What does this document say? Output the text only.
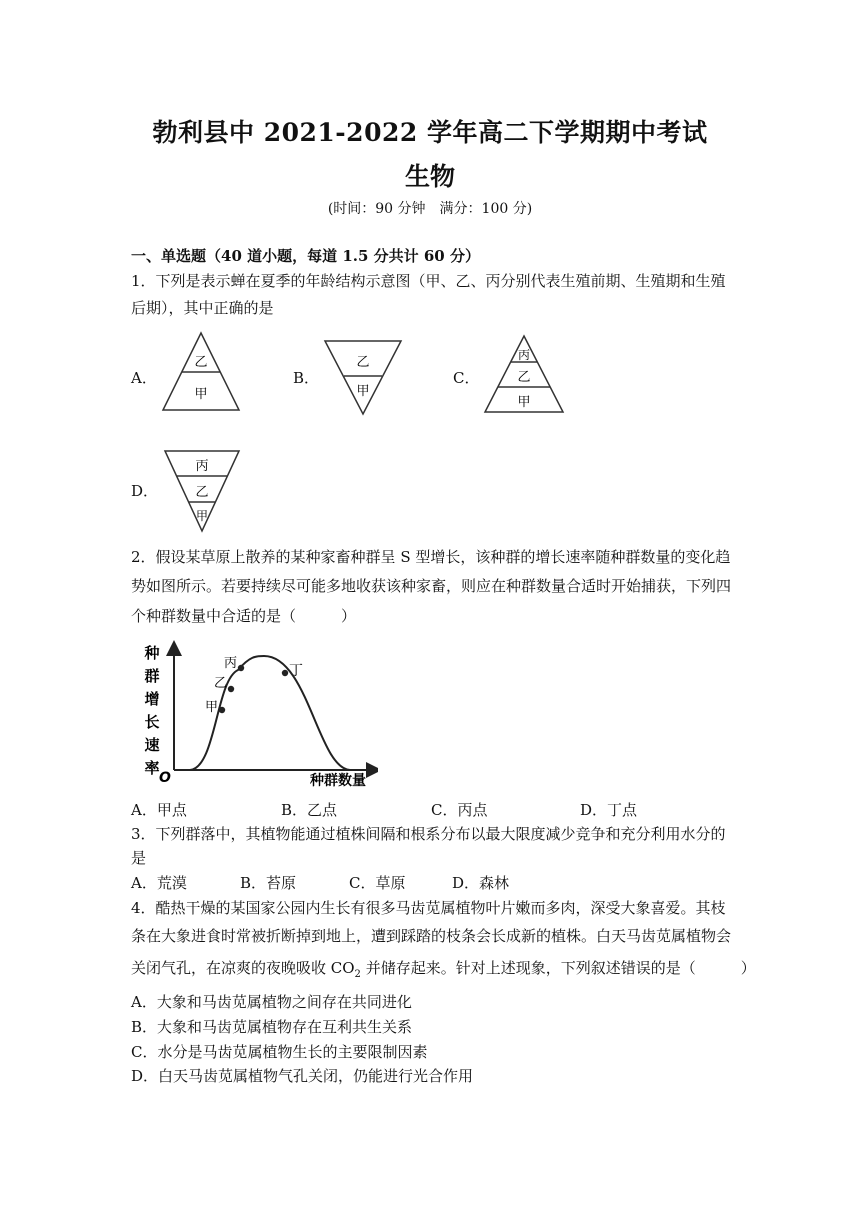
勃利县中 2021-2022 学年高二下学期期中考试
生物
(时间：90 分钟　满分：100 分)
一、单选题（40 道小题，每道 1.5 分共计 60 分）
1．下列是表示蝉在夏季的年龄结构示意图（甲、乙、丙分别代表生殖前期、生殖期和生殖
后期），其中正确的是
A．
乙
甲
B．
乙
甲
C．
丙
乙
甲
D．
丙
乙
甲
2．假设某草原上散养的某种家畜种群呈 S 型增长，该种群的增长速率随种群数量的变化趋
势如图所示。若要持续尽可能多地收获该种家畜，则应在种群数量合适时开始捕获，下列四
个种群数量中合适的是（　　　）
种
群
增
长
速
率
O	种群数量
甲
乙
丙	丁
A．甲点	B．乙点	C．丙点	D．丁点
3．下列群落中，其植物能通过植株间隔和根系分布以最大限度减少竞争和充分利用水分的
是
A．荒漠	B．苔原	C．草原	D．森林
4．酷热干燥的某国家公园内生长有很多马齿苋属植物叶片嫩而多肉，深受大象喜爱。其枝
条在大象进食时常被折断掉到地上，遭到踩踏的枝条会长成新的植株。白天马齿苋属植物会
关闭气孔，在凉爽的夜晚吸收 $CO_2$ 并储存起来。针对上述现象，下列叙述错误的是（　　　）
A．大象和马齿苋属植物之间存在共同进化
B．大象和马齿苋属植物存在互利共生关系
C．水分是马齿苋属植物生长的主要限制因素
D．白天马齿苋属植物气孔关闭，仍能进行光合作用
